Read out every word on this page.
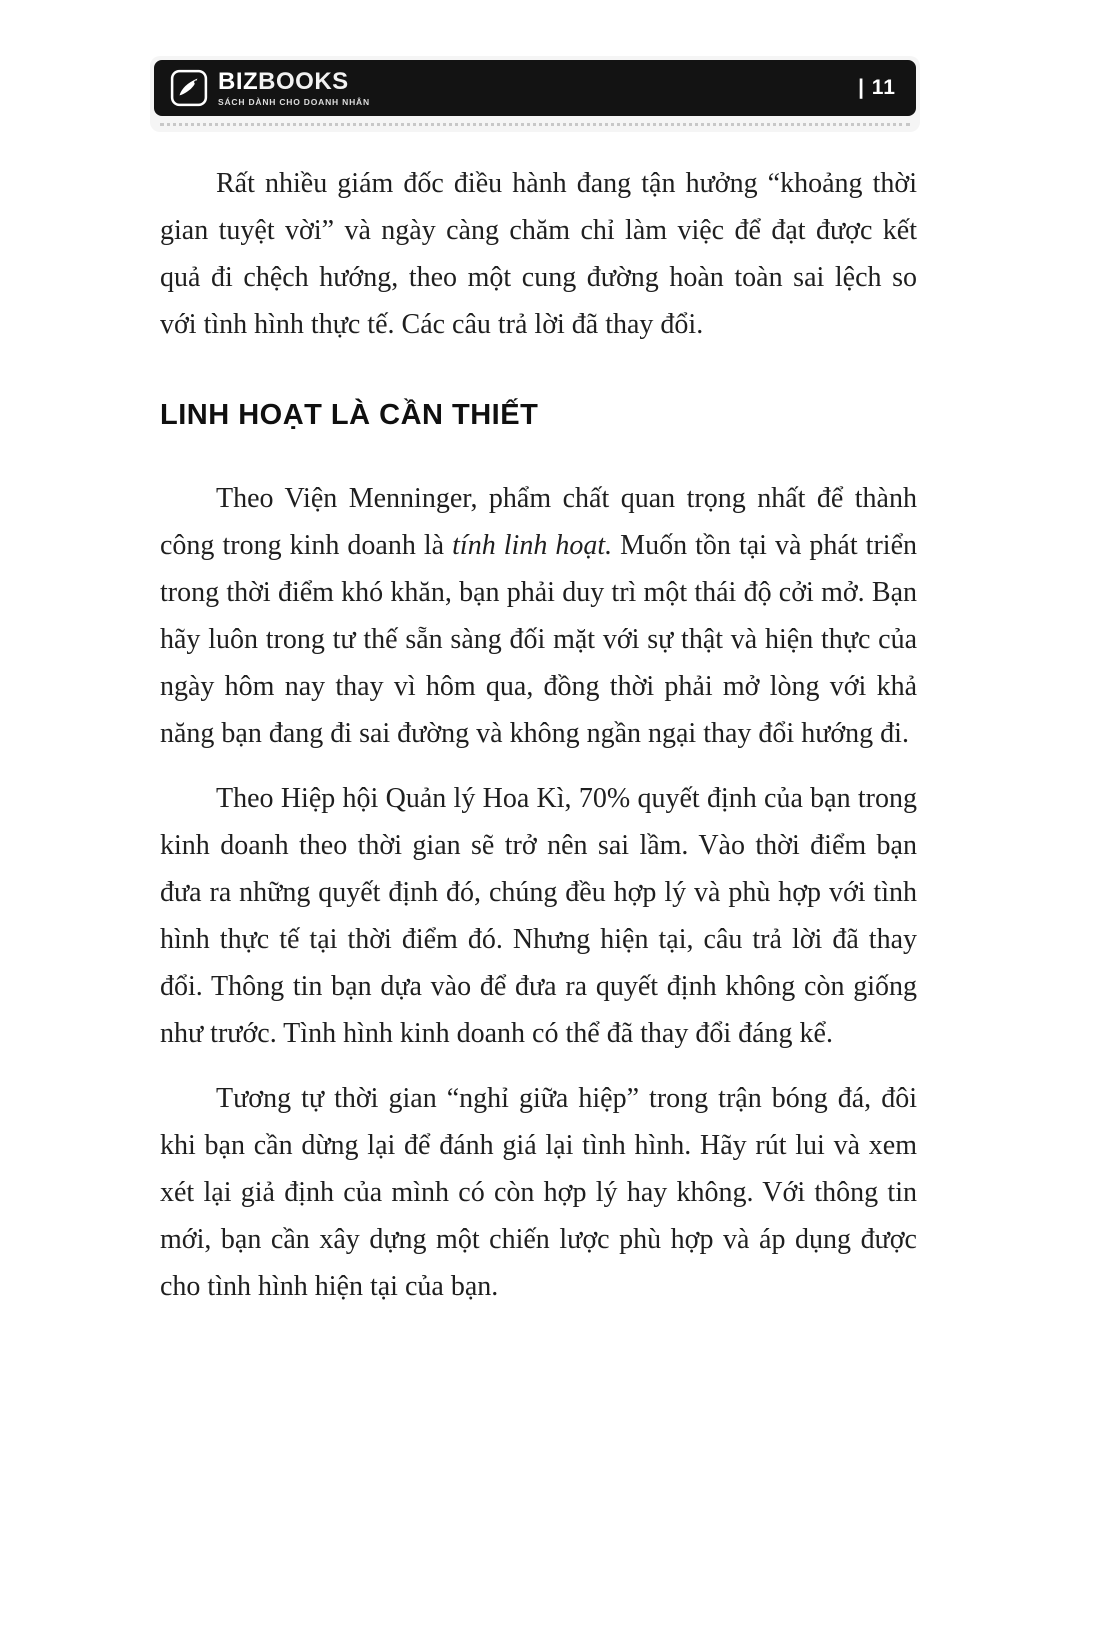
BIZBOOKS
SÁCH DÀNH CHO DOANH NHÂN
| 11

Rất nhiều giám đốc điều hành đang tận hưởng “khoảng thời gian tuyệt vời” và ngày càng chăm chỉ làm việc để đạt được kết quả đi chệch hướng, theo một cung đường hoàn toàn sai lệch so với tình hình thực tế. Các câu trả lời đã thay đổi.

LINH HOẠT LÀ CẦN THIẾT

Theo Viện Menninger, phẩm chất quan trọng nhất để thành công trong kinh doanh là tính linh hoạt. Muốn tồn tại và phát triển trong thời điểm khó khăn, bạn phải duy trì một thái độ cởi mở. Bạn hãy luôn trong tư thế sẵn sàng đối mặt với sự thật và hiện thực của ngày hôm nay thay vì hôm qua, đồng thời phải mở lòng với khả năng bạn đang đi sai đường và không ngần ngại thay đổi hướng đi.

Theo Hiệp hội Quản lý Hoa Kì, 70% quyết định của bạn trong kinh doanh theo thời gian sẽ trở nên sai lầm. Vào thời điểm bạn đưa ra những quyết định đó, chúng đều hợp lý và phù hợp với tình hình thực tế tại thời điểm đó. Nhưng hiện tại, câu trả lời đã thay đổi. Thông tin bạn dựa vào để đưa ra quyết định không còn giống như trước. Tình hình kinh doanh có thể đã thay đổi đáng kể.

Tương tự thời gian “nghỉ giữa hiệp” trong trận bóng đá, đôi khi bạn cần dừng lại để đánh giá lại tình hình. Hãy rút lui và xem xét lại giả định của mình có còn hợp lý hay không. Với thông tin mới, bạn cần xây dựng một chiến lược phù hợp và áp dụng được cho tình hình hiện tại của bạn.
